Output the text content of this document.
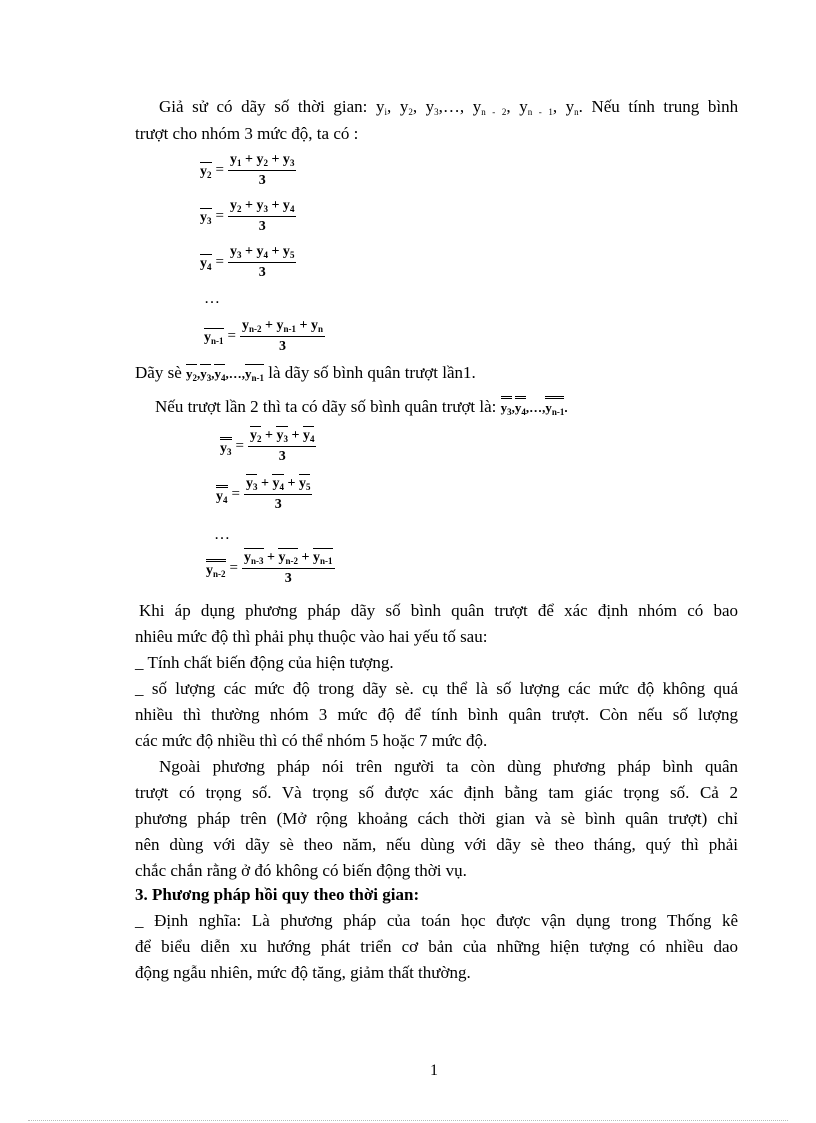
Giả sử có dãy số thời gian: $y_i$, $y_2$, $y_3,\dots$, $y_{n - 2}$, $y_{n - 1}$, $y_n$. Nếu tính trung bình

trượt cho nhóm 3 mức độ, ta có :

$y_2 = \frac{y_1 + y_2 + y_3}{3}$
$y_3 = \frac{y_2 + y_3 + y_4}{3}$
$y_4 = \frac{y_3 + y_4 + y_5}{3}$
…
$y_{n-1} = \frac{y_{n-2} + y_{n-1} + y_n}{3}$

Dãy sè $y_2,y_3,y_4,\dots,y_{n-1}$ là dãy số bình quân trượt lần1.

Nếu trượt lần 2 thì ta có dãy số bình quân trượt là: $y_3,y_4,\dots,y_{n-1}$.

$y_3 = \frac{y_2 + y_3 + y_4}{3}$
$y_4 = \frac{y_3 + y_4 + y_5}{3}$
…
$y_{n-2} = \frac{y_{n-3} + y_{n-2} + y_{n-1}}{3}$

Khi áp dụng phương pháp dãy số bình quân trượt để xác định nhóm có bao

nhiêu mức độ thì phải phụ thuộc vào hai yếu tố sau:

_ Tính chất biến động của hiện tượng.

_ số lượng các mức độ trong dãy sè. cụ thể là số lượng các mức độ không quá

nhiều thì thường nhóm 3 mức độ để tính bình quân trượt. Còn nếu số lượng

các mức độ nhiều thì có thể nhóm 5 hoặc 7 mức độ.

Ngoài phương pháp nói trên người ta còn dùng phương pháp bình quân

trượt có trọng số. Và trọng số được xác định bằng tam giác trọng số. Cả 2

phương pháp trên (Mở rộng khoảng cách thời gian và sè bình quân trượt) chỉ

nên dùng với dãy sè theo năm, nếu dùng với dãy sè theo tháng, quý thì phải

chắc chắn rằng ở đó không có biến động thời vụ.

3. Phương pháp hồi quy theo thời gian:

_ Định nghĩa: Là phương pháp của toán học được vận dụng trong Thống kê

để biểu diễn xu hướng phát triển cơ bản của những hiện tượng có nhiều dao

động ngẫu nhiên, mức độ tăng, giảm thất thường.

1
